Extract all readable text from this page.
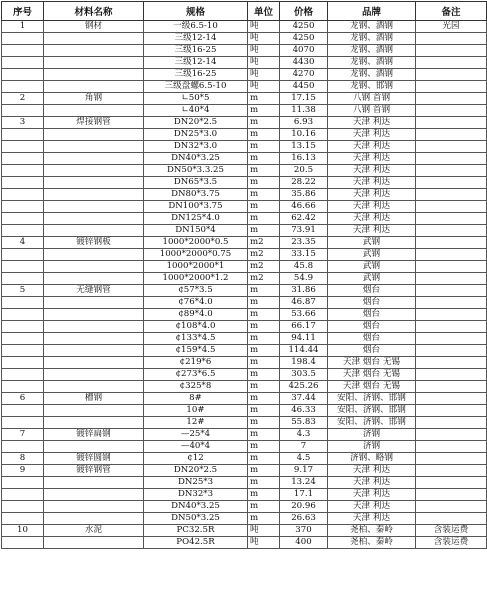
序号	材料名称	规格	单位	价格	品牌	备注
1	钢材	一级6.5-10	吨	4250	龙钢、酒钢	光园
		三级12-14	吨	4250	龙钢、酒钢	
		三级16-25	吨	4070	龙钢、酒钢	
		三级12-14	吨	4430	龙钢、酒钢	
		三级16-25	吨	4270	龙钢、酒钢	
		三级盘螺6.5-10	吨	4450	龙钢、邯钢	
2	角钢	∟50*5	m	17.15	八钢 首钢	
		∟40*4	m	11.38	八钢 首钢	
3	焊接钢管	DN20*2.5	m	6.93	天津 利达	
		DN25*3.0	m	10.16	天津 利达	
		DN32*3.0	m	13.15	天津 利达	
		DN40*3.25	m	16.13	天津 利达	
		DN50*3.3.25	m	20.5	天津 利达	
		DN65*3.5	m	28.22	天津 利达	
		DN80*3.75	m	35.86	天津 利达	
		DN100*3.75	m	46.66	天津 利达	
		DN125*4.0	m	62.42	天津 利达	
		DN150*4	m	73.91	天津 利达	
4	镀锌钢板	1000*2000*0.5	m2	23.35	武钢	
		1000*2000*0.75	m2	33.15	武钢	
		1000*2000*1	m2	45.8	武钢	
		1000*2000*1.2	m2	54.9	武钢	
5	无缝钢管	¢57*3.5	m	31.86	烟台	
		¢76*4.0	m	46.87	烟台	
		¢89*4.0	m	53.66	烟台	
		¢108*4.0	m	66.17	烟台	
		¢133*4.5	m	94.11	烟台	
		¢159*4.5	m	114.44	烟台	
		¢219*6	m	198.4	天津 烟台 无锡	
		¢273*6.5	m	303.5	天津 烟台 无锡	
		¢325*8	m	425.26	天津 烟台 无锡	
6	槽钢	8#	m	37.44	安阳、济钢、邯钢	
		10#	m	46.33	安阳、济钢、邯钢	
		12#	m	55.83	安阳、济钢、邯钢	
7	镀锌扁钢	—25*4	m	4.3	济钢	
		—40*4	m	7	济钢	
8	镀锌圆钢	¢12	m	4.5	济钢、略钢	
9	镀锌钢管	DN20*2.5	m	9.17	天津 利达	
		DN25*3	m	13.24	天津 利达	
		DN32*3	m	17.1	天津 利达	
		DN40*3.25	m	20.96	天津 利达	
		DN50*3.25	m	26.63	天津 利达	
10	水泥	PC32.5R	吨	370	尧柏、秦岭	含装运费
		PO42.5R	吨	400	尧柏、秦岭	含装运费
